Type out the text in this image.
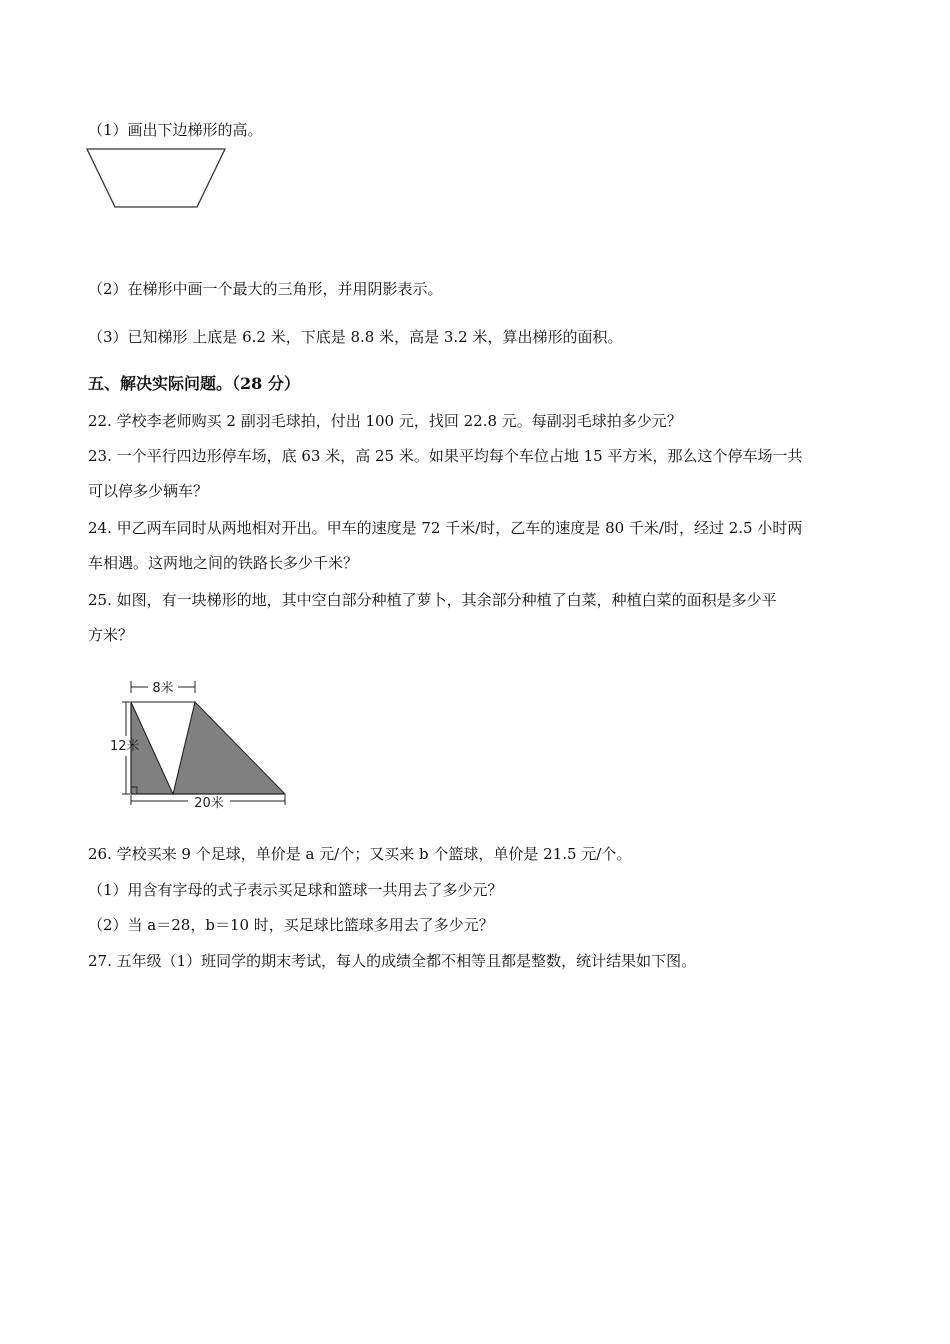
（1）画出下边梯形的高。
（2）在梯形中画一个最大的三角形，并用阴影表示。
（3）已知梯形 上底是 6.2 米，下底是 8.8 米，高是 3.2 米，算出梯形的面积。
五、解决实际问题。（28 分）
22. 学校李老师购买 2 副羽毛球拍，付出 100 元，找回 22.8 元。每副羽毛球拍多少元？
23. 一个平行四边形停车场，底 63 米，高 25 米。如果平均每个车位占地 15 平方米，那么这个停车场一共
可以停多少辆车？
24. 甲乙两车同时从两地相对开出。甲车的速度是 72 千米/时，乙车的速度是 80 千米/时，经过 2.5 小时两
车相遇。这两地之间的铁路长多少千米？
25. 如图，有一块梯形的地，其中空白部分种植了萝卜，其余部分种植了白菜，种植白菜的面积是多少平
方米？
8米
12米
20米
26. 学校买来 9 个足球，单价是 a 元/个；又买来 b 个篮球，单价是 21.5 元/个。
（1）用含有字母的式子表示买足球和篮球一共用去了多少元？
（2）当 a＝28，b＝10 时，买足球比篮球多用去了多少元？
27. 五年级（1）班同学的期末考试，每人的成绩全都不相等且都是整数，统计结果如下图。
